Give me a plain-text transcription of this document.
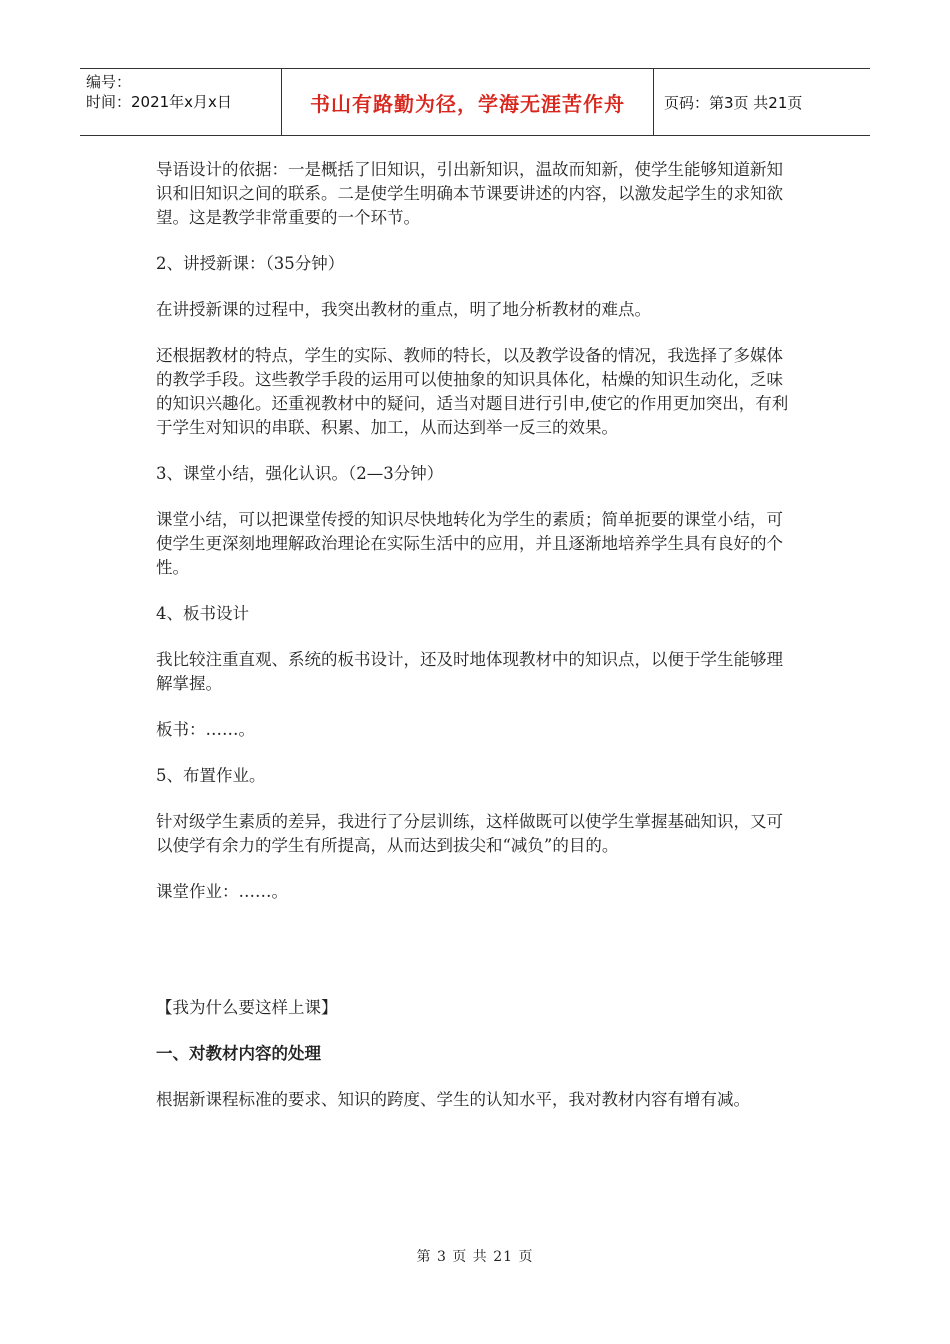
编号：
时间：2021年x月x日	书山有路勤为径，学海无涯苦作舟	页码：第3页 共21页

导语设计的依据：一是概括了旧知识，引出新知识，温故而知新，使学生能够知道新知识和旧知识之间的联系。二是使学生明确本节课要讲述的内容，以激发起学生的求知欲望。这是教学非常重要的一个环节。

2、讲授新课：（35分钟）

在讲授新课的过程中，我突出教材的重点，明了地分析教材的难点。

还根据教材的特点，学生的实际、教师的特长，以及教学设备的情况，我选择了多媒体的教学手段。这些教学手段的运用可以使抽象的知识具体化，枯燥的知识生动化，乏味的知识兴趣化。还重视教材中的疑问，适当对题目进行引申,使它的作用更加突出，有利于学生对知识的串联、积累、加工，从而达到举一反三的效果。

3、课堂小结，强化认识。（2—3分钟）

课堂小结，可以把课堂传授的知识尽快地转化为学生的素质；简单扼要的课堂小结，可使学生更深刻地理解政治理论在实际生活中的应用，并且逐渐地培养学生具有良好的个性。

4、板书设计

我比较注重直观、系统的板书设计，还及时地体现教材中的知识点，以便于学生能够理解掌握。

板书：……。

5、布置作业。

针对级学生素质的差异，我进行了分层训练，这样做既可以使学生掌握基础知识，又可以使学有余力的学生有所提高，从而达到拔尖和“减负”的目的。

课堂作业：……。

【我为什么要这样上课】

一、对教材内容的处理

根据新课程标准的要求、知识的跨度、学生的认知水平，我对教材内容有增有减。

第 3 页 共 21 页
